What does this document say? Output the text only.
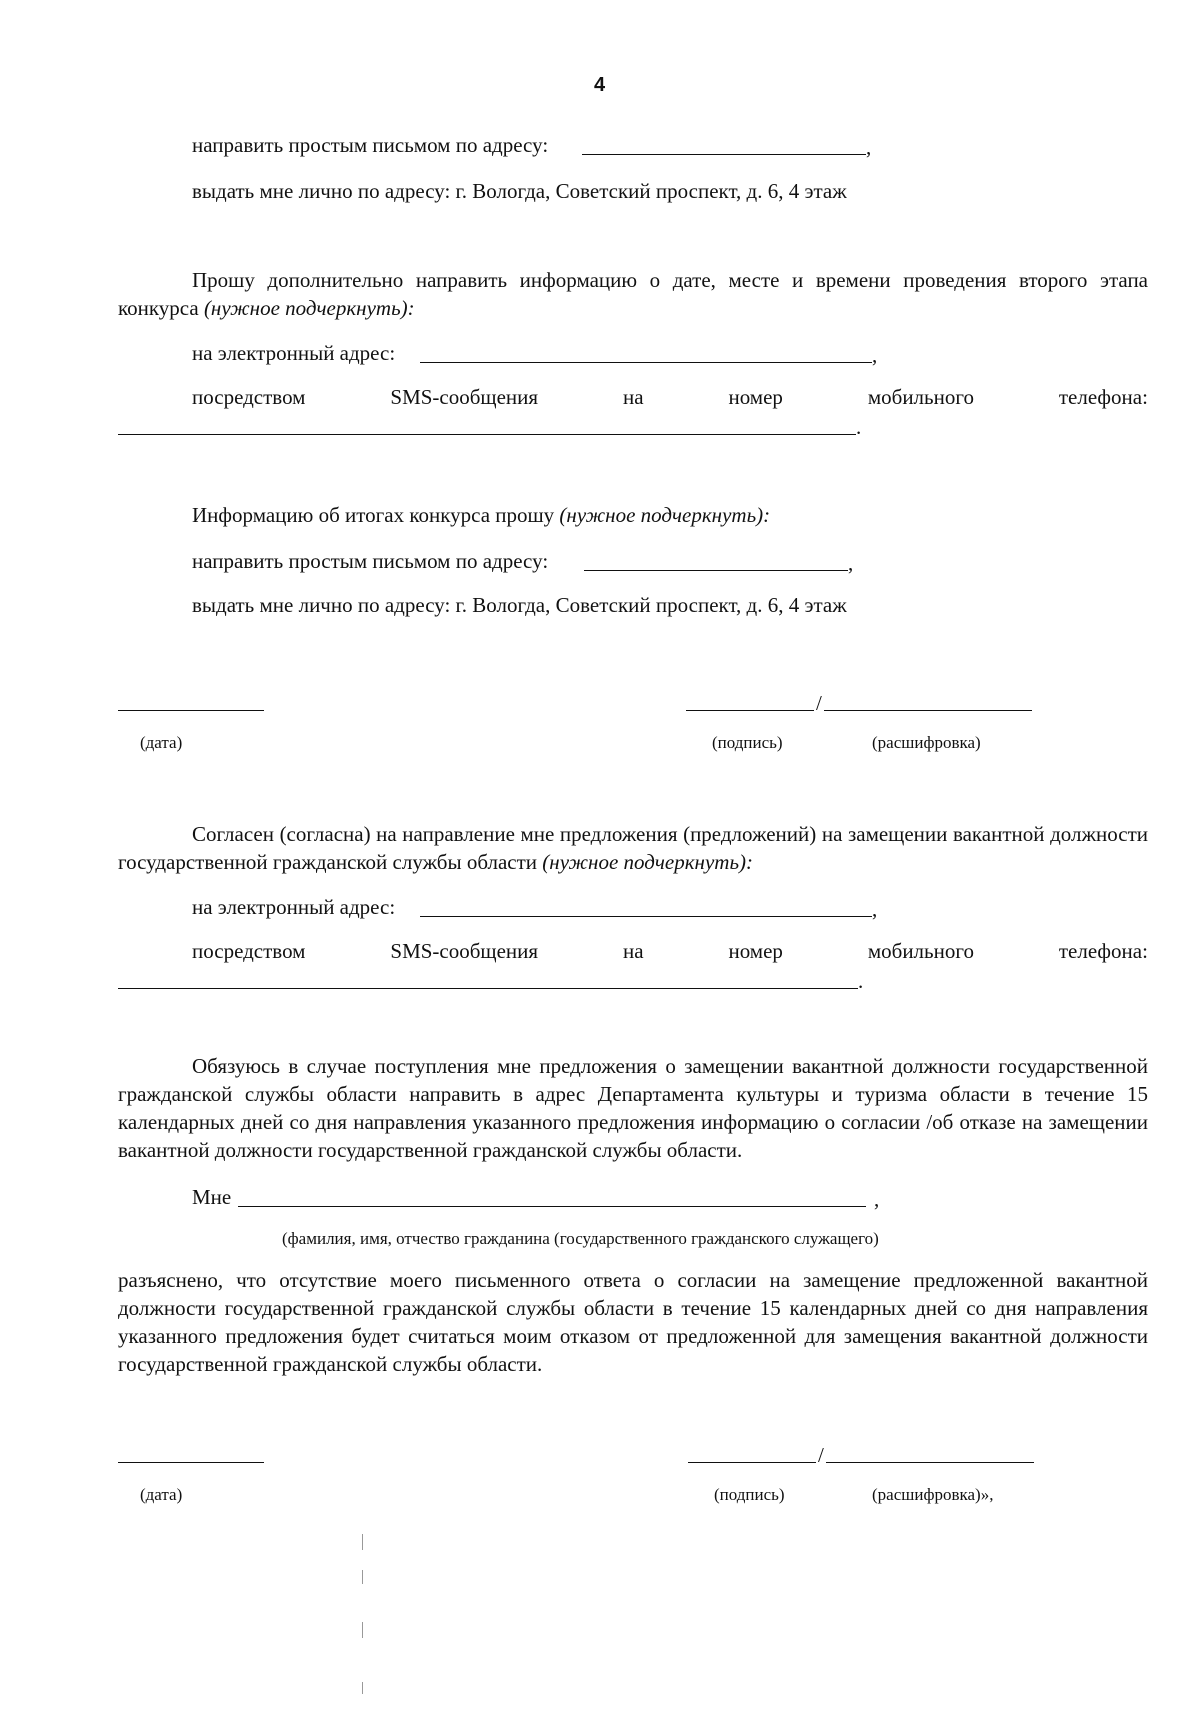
4
направить простым письмом по адресу:	,
выдать мне лично по адресу: г. Вологда, Советский проспект, д. 6, 4 этаж
Прошу дополнительно направить информацию о дате, месте и времени проведения второго этапа конкурса (нужное подчеркнуть):
на электронный адрес:	,
посредством	SMS-сообщения	на	номер	мобильного	телефона:
.
Информацию об итогах конкурса прошу (нужное подчеркнуть):
направить простым письмом по адресу:	,
выдать мне лично по адресу: г. Вологда, Советский проспект, д. 6, 4 этаж
/
(дата)	(подпись)	(расшифровка)
Согласен (согласна) на направление мне предложения (предложений) на замещении вакантной должности государственной гражданской службы области (нужное подчеркнуть):
на электронный адрес:	,
посредством	SMS-сообщения	на	номер	мобильного	телефона:
.
Обязуюсь в случае поступления мне предложения о замещении вакантной должности государственной гражданской службы области направить в адрес Департамента культуры и туризма области в течение 15 календарных дней со дня направления указанного предложения информацию о согласии /об отказе на замещении вакантной должности государственной гражданской службы области.
Мне	,
(фамилия, имя, отчество гражданина (государственного гражданского служащего)
разъяснено, что отсутствие моего письменного ответа о согласии на замещение предложенной вакантной должности государственной гражданской службы области в течение 15 календарных дней со дня направления указанного предложения будет считаться моим отказом от предложенной для замещения вакантной должности государственной гражданской службы области.
/
(дата)	(подпись)	(расшифровка)»,
